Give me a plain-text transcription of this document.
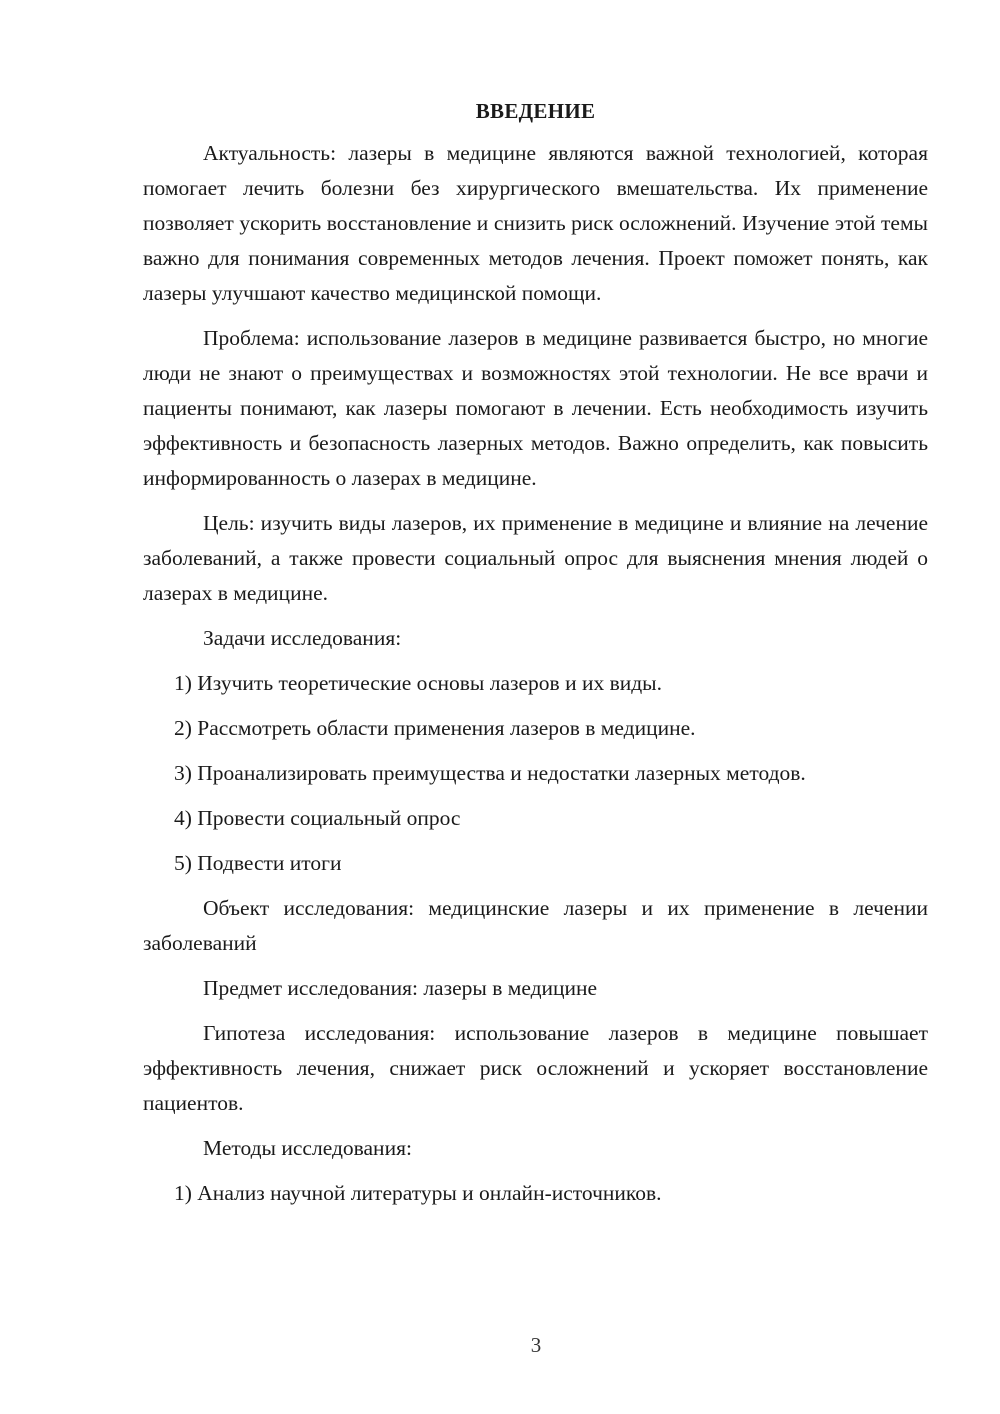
ВВЕДЕНИЕ

Актуальность: лазеры в медицине являются важной технологией, которая помогает лечить болезни без хирургического вмешательства. Их применение позволяет ускорить восстановление и снизить риск осложнений. Изучение этой темы важно для понимания современных методов лечения. Проект поможет понять, как лазеры улучшают качество медицинской помощи.

Проблема: использование лазеров в медицине развивается быстро, но многие люди не знают о преимуществах и возможностях этой технологии. Не все врачи и пациенты понимают, как лазеры помогают в лечении. Есть необходимость изучить эффективность и безопасность лазерных методов. Важно определить, как повысить информированность о лазерах в медицине.

Цель: изучить виды лазеров, их применение в медицине и влияние на лечение заболеваний, а также провести социальный опрос для выяснения мнения людей о лазерах в медицине.

Задачи исследования:

1) Изучить теоретические основы лазеров и их виды.

2) Рассмотреть области применения лазеров в медицине.

3) Проанализировать преимущества и недостатки лазерных методов.

4) Провести социальный опрос

5) Подвести итоги

Объект исследования: медицинские лазеры и их применение в лечении заболеваний

Предмет исследования: лазеры в медицине

Гипотеза исследования: использование лазеров в медицине повышает эффективность лечения, снижает риск осложнений и ускоряет восстановление пациентов.

Методы исследования:

1) Анализ научной литературы и онлайн-источников.

3
